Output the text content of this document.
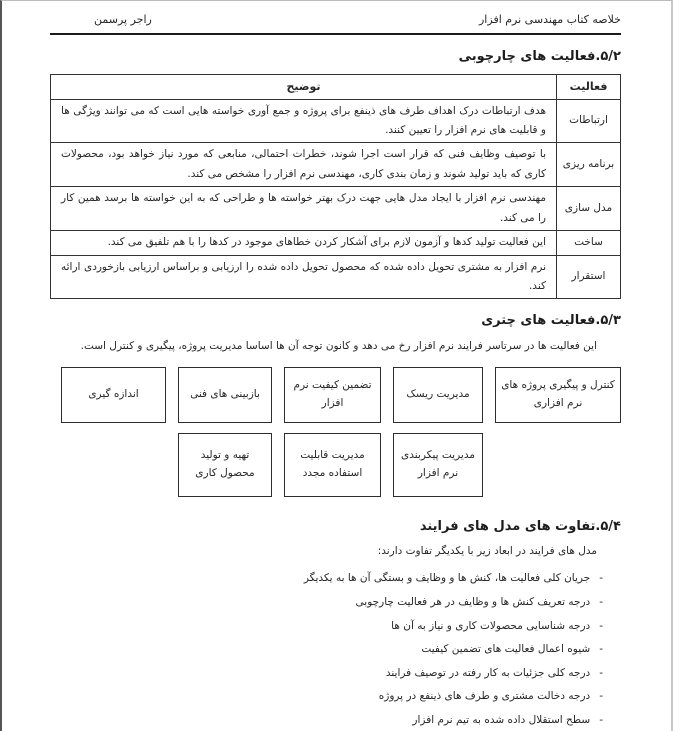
خلاصه کتاب مهندسی نرم افزار
راجر پرسمن
۵/۲.فعالیت های چارچوبی
فعالیت	توضیح
ارتباطات	هدف ارتباطات درک اهداف طرف های ذینفع برای پروژه و جمع آوری خواسته هایی است که می توانند ویژگی ها و قابلیت های نرم افزار را تعیین کنند.
برنامه ریزی	با توصیف وظایف فنی که قرار است اجرا شوند، خطرات احتمالی، منابعی که مورد نیاز خواهد بود، محصولات کاری که باید تولید شوند و زمان بندی کاری، مهندسی نرم افزار را مشخص می کند.
مدل سازی	مهندسی نرم افزار با ایجاد مدل هایی جهت درک بهتر خواسته ها و طراحی که به این خواسته ها برسد همین کار را می کند.
ساخت	این فعالیت تولید کدها و آزمون لازم برای آشکار کردن خطاهای موجود در کدها را با هم تلفیق می کند.
استقرار	نرم افزار به مشتری تحویل داده شده که محصول تحویل داده شده را ارزیابی و براساس ارزیابی بازخوردی ارائه کند.
۵/۳.فعالیت های چتری
این فعالیت ها در سرتاسر فرایند نرم افزار رخ می دهد و کانون توجه آن ها اساسا مدیریت پروژه، پیگیری و کنترل است.
کنترل و پیگیری پروژه های نرم افزاری
مدیریت ریسک
تضمین کیفیت نرم افزار
بازبینی های فنی
اندازه گیری
مدیریت پیکربندی نرم افزار
مدیریت قابلیت استفاده مجدد
تهیه و تولید محصول کاری
۵/۴.تفاوت های مدل های فرایند
مدل های فرایند در ابعاد زیر با یکدیگر تفاوت دارند:
-
جریان کلی فعالیت ها، کنش ها و وظایف و بستگی آن ها به یکدیگر
-
درجه تعریف کنش ها و وظایف در هر فعالیت چارچوبی
-
درجه شناسایی محصولات کاری و نیاز به آن ها
-
شیوه اعمال فعالیت های تضمین کیفیت
-
درجه کلی جزئیات به کار رفته در توصیف فرایند
-
درجه دخالت مشتری و طرف های ذینفع در پروژه
-
سطح استقلال داده شده به تیم نرم افزار
